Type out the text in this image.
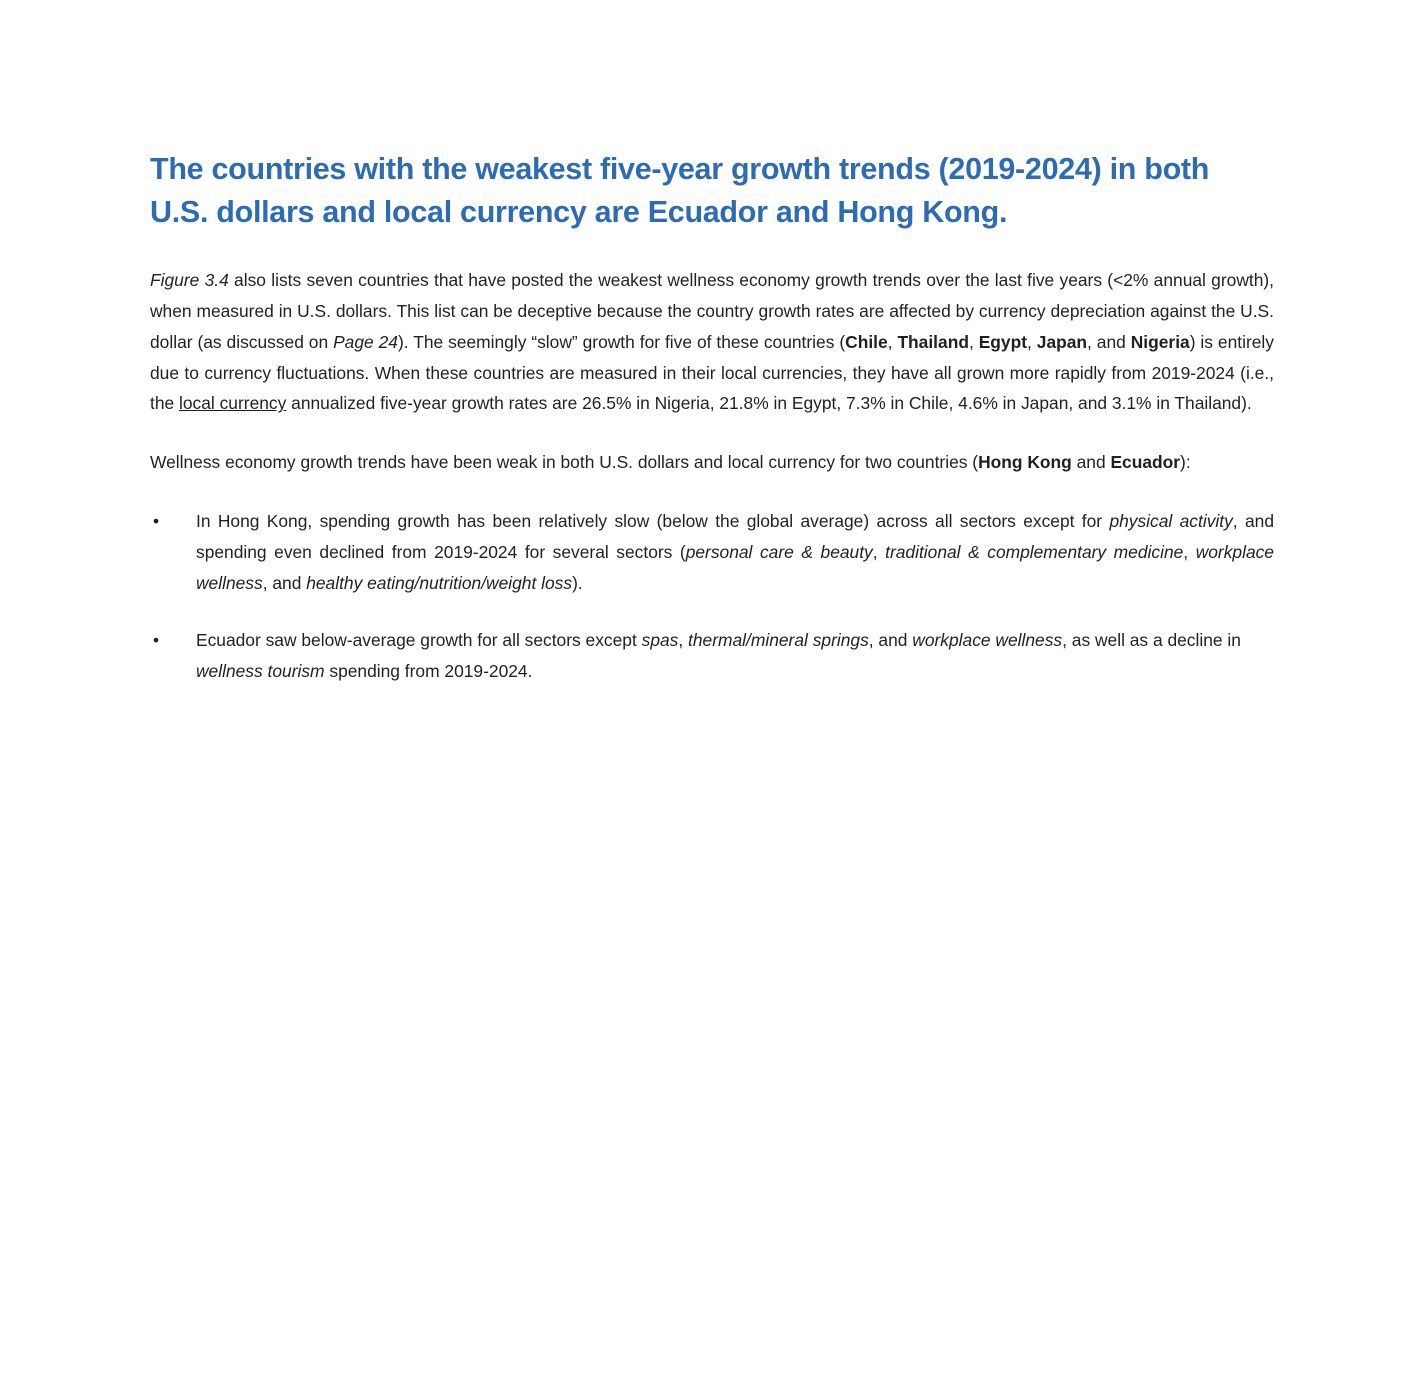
The countries with the weakest five-year growth trends (2019-2024) in both U.S. dollars and local currency are Ecuador and Hong Kong.

Figure 3.4 also lists seven countries that have posted the weakest wellness economy growth trends over the last five years (<2% annual growth), when measured in U.S. dollars. This list can be deceptive because the country growth rates are affected by currency depreciation against the U.S. dollar (as discussed on Page 24). The seemingly “slow” growth for five of these countries (Chile, Thailand, Egypt, Japan, and Nigeria) is entirely due to currency fluctuations. When these countries are measured in their local currencies, they have all grown more rapidly from 2019-2024 (i.e., the local currency annualized five-year growth rates are 26.5% in Nigeria, 21.8% in Egypt, 7.3% in Chile, 4.6% in Japan, and 3.1% in Thailand).

Wellness economy growth trends have been weak in both U.S. dollars and local currency for two countries (Hong Kong and Ecuador):

•	In Hong Kong, spending growth has been relatively slow (below the global average) across all sectors except for physical activity, and spending even declined from 2019-2024 for several sectors (personal care & beauty, traditional & complementary medicine, workplace wellness, and healthy eating/nutrition/weight loss).
•	Ecuador saw below-average growth for all sectors except spas, thermal/mineral springs, and workplace wellness, as well as a decline in wellness tourism spending from 2019-2024.
